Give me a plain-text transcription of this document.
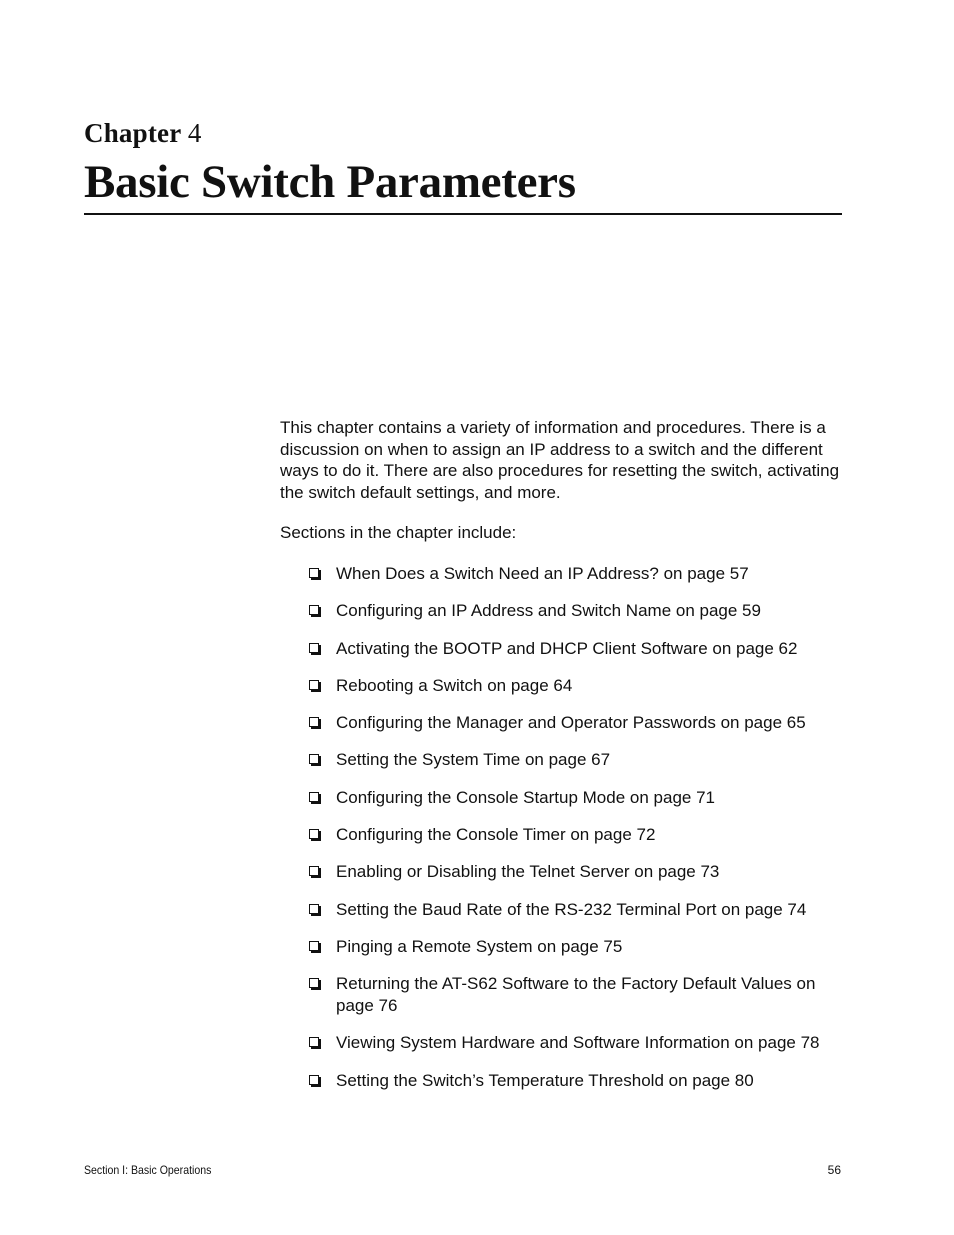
Chapter 4
Basic Switch Parameters

This chapter contains a variety of information and procedures. There is a discussion on when to assign an IP address to a switch and the different ways to do it. There are also procedures for resetting the switch, activating the switch default settings, and more.

Sections in the chapter include:

When Does a Switch Need an IP Address? on page 57
Configuring an IP Address and Switch Name on page 59
Activating the BOOTP and DHCP Client Software on page 62
Rebooting a Switch on page 64
Configuring the Manager and Operator Passwords on page 65
Setting the System Time on page 67
Configuring the Console Startup Mode on page 71
Configuring the Console Timer on page 72
Enabling or Disabling the Telnet Server on page 73
Setting the Baud Rate of the RS-232 Terminal Port on page 74
Pinging a Remote System on page 75
Returning the AT-S62 Software to the Factory Default Values on page 76
Viewing System Hardware and Software Information on page 78
Setting the Switch’s Temperature Threshold on page 80
Section I: Basic Operations	56
